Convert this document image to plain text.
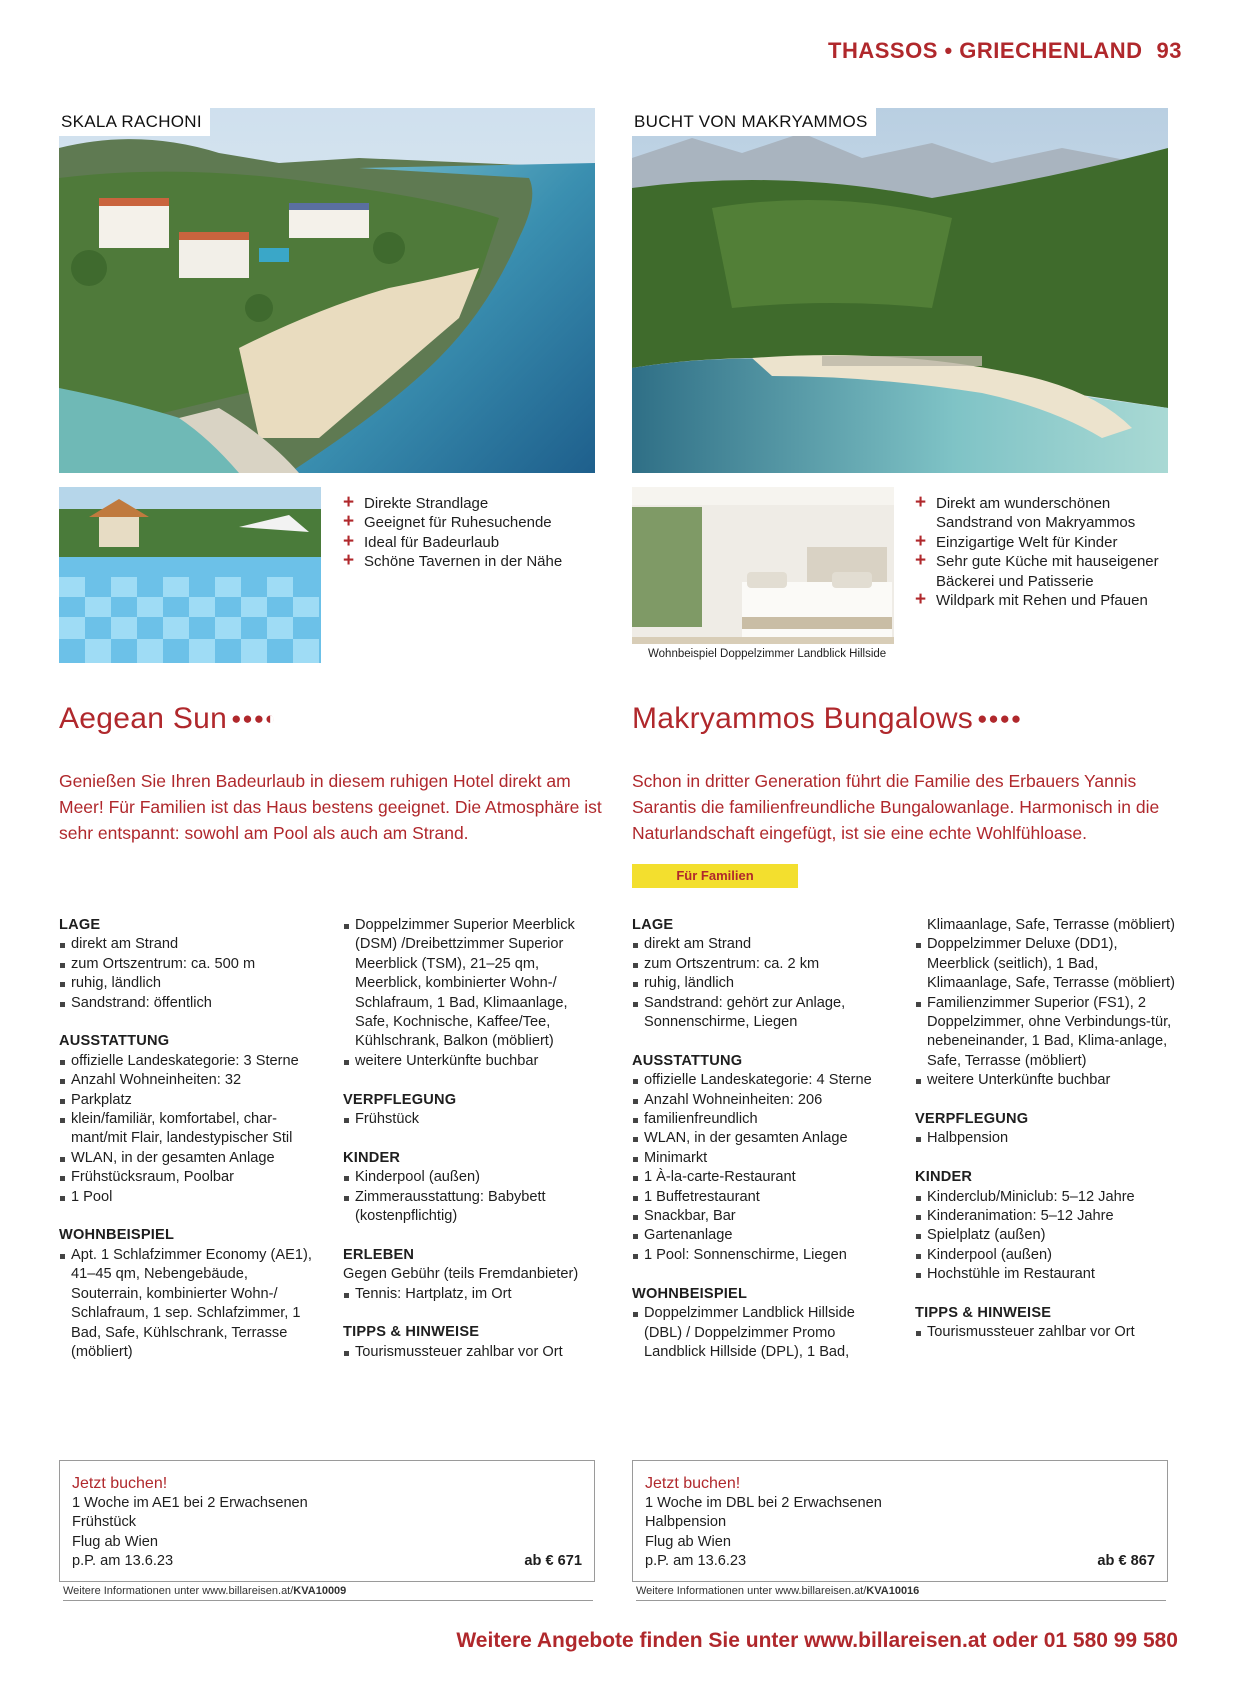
THASSOS • GRIECHENLAND 93
SKALA RACHONI	BUCHT VON MAKRYAMMOS
Wohnbeispiel Doppelzimmer Landblick Hillside
+ Direkte Strandlage
+ Geeignet für Ruhesuchende
+ Ideal für Badeurlaub
+ Schöne Tavernen in der Nähe
+ Direkt am wunderschönen Sandstrand von Makryammos
+ Einzigartige Welt für Kinder
+ Sehr gute Küche mit hauseigener Bäckerei und Patisserie
+ Wildpark mit Rehen und Pfauen
Aegean Sun ●●●◐	Makryammos Bungalows ●●●●
Genießen Sie Ihren Badeurlaub in diesem ruhigen Hotel direkt am Meer! Für Familien ist das Haus bestens geeignet. Die Atmosphäre ist sehr entspannt: sowohl am Pool als auch am Strand.
Schon in dritter Generation führt die Familie des Erbauers Yannis Sarantis die familienfreundliche Bungalowanlage. Harmonisch in die Naturlandschaft eingefügt, ist sie eine echte Wohlfühloase.
Für Familien
LAGE
direkt am Strand
zum Ortszentrum: ca. 500 m
ruhig, ländlich
Sandstrand: öffentlich
AUSSTATTUNG
offizielle Landeskategorie: 3 Sterne
Anzahl Wohneinheiten: 32
Parkplatz
klein/familiär, komfortabel, char-mant/mit Flair, landestypischer Stil
WLAN, in der gesamten Anlage
Frühstücksraum, Poolbar
1 Pool
WOHNBEISPIEL
Apt. 1 Schlafzimmer Economy (AE1), 41–45 qm, Nebengebäude, Souterrain, kombinierter Wohn-/ Schlafraum, 1 sep. Schlafzimmer, 1 Bad, Safe, Kühlschrank, Terrasse (möbliert)
Doppelzimmer Superior Meerblick (DSM) /Dreibettzimmer Superior Meerblick (TSM), 21–25 qm, Meerblick, kombinierter Wohn-/ Schlafraum, 1 Bad, Klimaanlage, Safe, Kochnische, Kaffee/Tee, Kühlschrank, Balkon (möbliert)
weitere Unterkünfte buchbar
VERPFLEGUNG
Frühstück
KINDER
Kinderpool (außen)
Zimmerausstattung: Babybett (kostenpflichtig)
ERLEBEN
Gegen Gebühr (teils Fremdanbieter)
Tennis: Hartplatz, im Ort
TIPPS & HINWEISE
Tourismussteuer zahlbar vor Ort
LAGE
direkt am Strand
zum Ortszentrum: ca. 2 km
ruhig, ländlich
Sandstrand: gehört zur Anlage, Sonnenschirme, Liegen
AUSSTATTUNG
offizielle Landeskategorie: 4 Sterne
Anzahl Wohneinheiten: 206
familienfreundlich
WLAN, in der gesamten Anlage
Minimarkt
1 À-la-carte-Restaurant
1 Buffetrestaurant
Snackbar, Bar
Gartenanlage
1 Pool: Sonnenschirme, Liegen
WOHNBEISPIEL
Doppelzimmer Landblick Hillside (DBL) / Doppelzimmer Promo Landblick Hillside (DPL), 1 Bad,
Klimaanlage, Safe, Terrasse (möbliert)
Doppelzimmer Deluxe (DD1), Meerblick (seitlich), 1 Bad, Klimaanlage, Safe, Terrasse (möbliert)
Familienzimmer Superior (FS1), 2 Doppelzimmer, ohne Verbindungs-tür, nebeneinander, 1 Bad, Klima-anlage, Safe, Terrasse (möbliert)
weitere Unterkünfte buchbar
VERPFLEGUNG
Halbpension
KINDER
Kinderclub/Miniclub: 5–12 Jahre
Kinderanimation: 5–12 Jahre
Spielplatz (außen)
Kinderpool (außen)
Hochstühle im Restaurant
TIPPS & HINWEISE
Tourismussteuer zahlbar vor Ort
Jetzt buchen!
1 Woche im AE1 bei 2 Erwachsenen
Frühstück
Flug ab Wien
p.P. am 13.6.23	ab € 671
Weitere Informationen unter www.billareisen.at/KVA10009
Jetzt buchen!
1 Woche im DBL bei 2 Erwachsenen
Halbpension
Flug ab Wien
p.P. am 13.6.23	ab € 867
Weitere Informationen unter www.billareisen.at/KVA10016
Weitere Angebote finden Sie unter www.billareisen.at oder 01 580 99 580
